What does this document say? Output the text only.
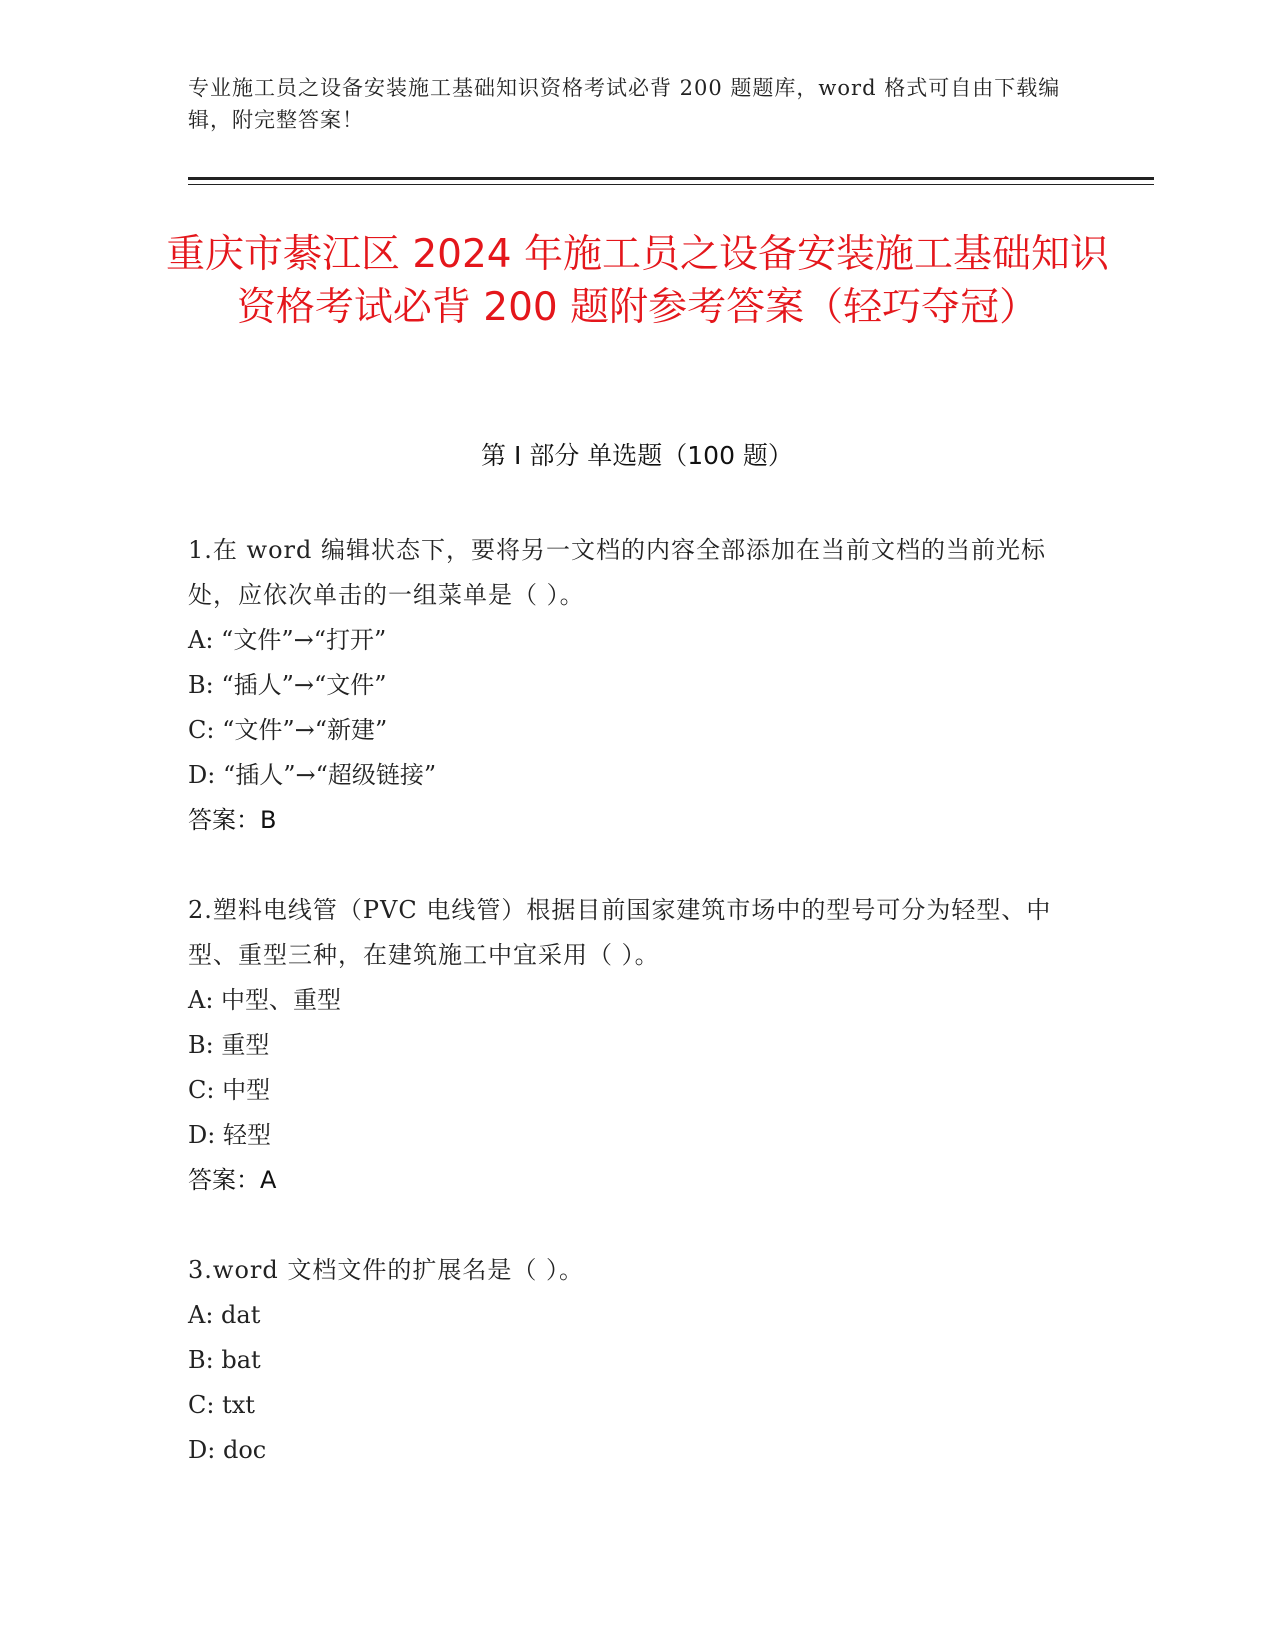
专业施工员之设备安装施工基础知识资格考试必背 200 题题库，word 格式可自由下载编辑，附完整答案！
重庆市綦江区 2024 年施工员之设备安装施工基础知识资格考试必背 200 题附参考答案（轻巧夺冠）
第 I 部分 单选题（100 题）
1.在 word 编辑状态下，要将另一文档的内容全部添加在当前文档的当前光标处，应依次单击的一组菜单是（ ）。
A: “文件”→“打开”
B: “插人”→“文件”
C: “文件”→“新建”
D: “插人”→“超级链接”
答案：B
2.塑料电线管（PVC 电线管）根据目前国家建筑市场中的型号可分为轻型、中型、重型三种，在建筑施工中宜采用（ ）。
A: 中型、重型
B: 重型
C: 中型
D: 轻型
答案：A
3.word 文档文件的扩展名是（ ）。
A: dat
B: bat
C: txt
D: doc
